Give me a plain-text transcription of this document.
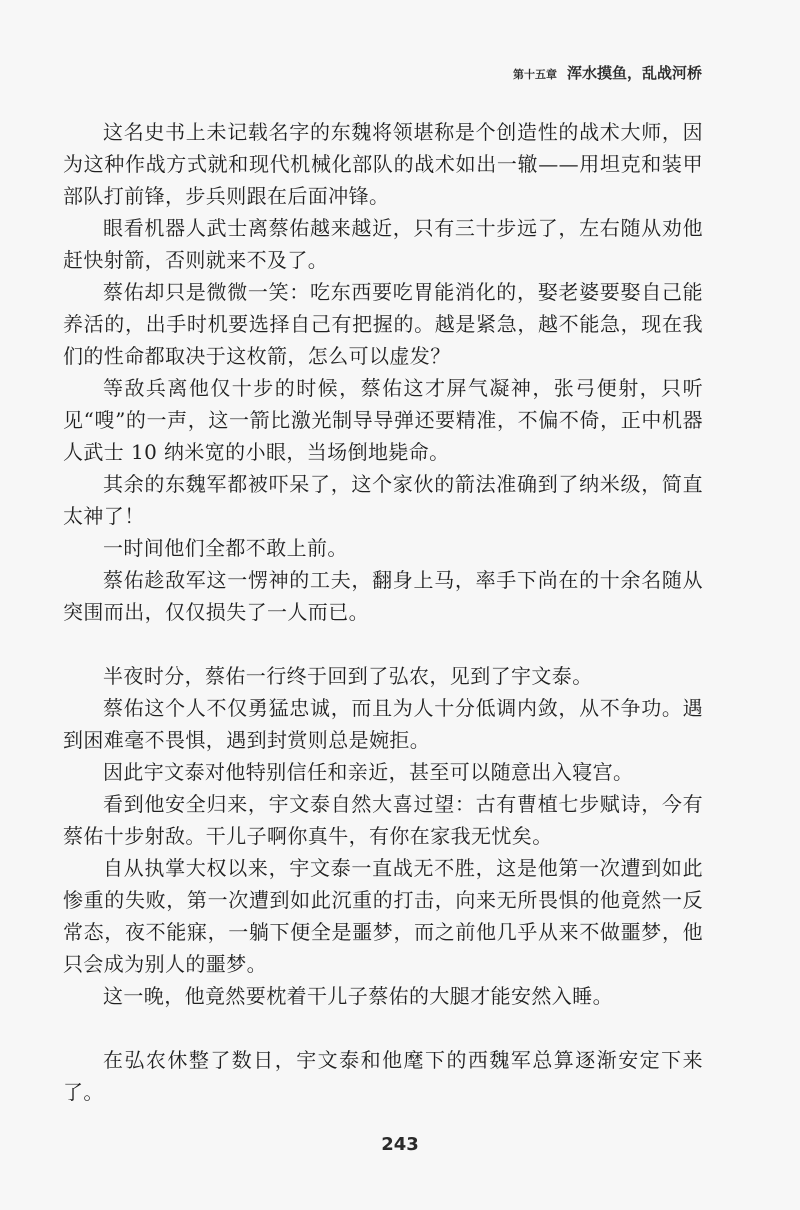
第十五章 浑水摸鱼，乱战河桥

这名史书上未记载名字的东魏将领堪称是个创造性的战术大师，因为这种作战方式就和现代机械化部队的战术如出一辙——用坦克和装甲部队打前锋，步兵则跟在后面冲锋。

眼看机器人武士离蔡佑越来越近，只有三十步远了，左右随从劝他赶快射箭，否则就来不及了。

蔡佑却只是微微一笑：吃东西要吃胃能消化的，娶老婆要娶自己能养活的，出手时机要选择自己有把握的。越是紧急，越不能急，现在我们的性命都取决于这枚箭，怎么可以虚发？

等敌兵离他仅十步的时候，蔡佑这才屏气凝神，张弓便射，只听见“嗖”的一声，这一箭比激光制导导弹还要精准，不偏不倚，正中机器人武士 10 纳米宽的小眼，当场倒地毙命。

其余的东魏军都被吓呆了，这个家伙的箭法准确到了纳米级，简直太神了！

一时间他们全都不敢上前。

蔡佑趁敌军这一愣神的工夫，翻身上马，率手下尚在的十余名随从突围而出，仅仅损失了一人而已。

半夜时分，蔡佑一行终于回到了弘农，见到了宇文泰。

蔡佑这个人不仅勇猛忠诚，而且为人十分低调内敛，从不争功。遇到困难毫不畏惧，遇到封赏则总是婉拒。

因此宇文泰对他特别信任和亲近，甚至可以随意出入寝宫。

看到他安全归来，宇文泰自然大喜过望：古有曹植七步赋诗，今有蔡佑十步射敌。干儿子啊你真牛，有你在家我无忧矣。

自从执掌大权以来，宇文泰一直战无不胜，这是他第一次遭到如此惨重的失败，第一次遭到如此沉重的打击，向来无所畏惧的他竟然一反常态，夜不能寐，一躺下便全是噩梦，而之前他几乎从来不做噩梦，他只会成为别人的噩梦。

这一晚，他竟然要枕着干儿子蔡佑的大腿才能安然入睡。

在弘农休整了数日，宇文泰和他麾下的西魏军总算逐渐安定下来了。

243
